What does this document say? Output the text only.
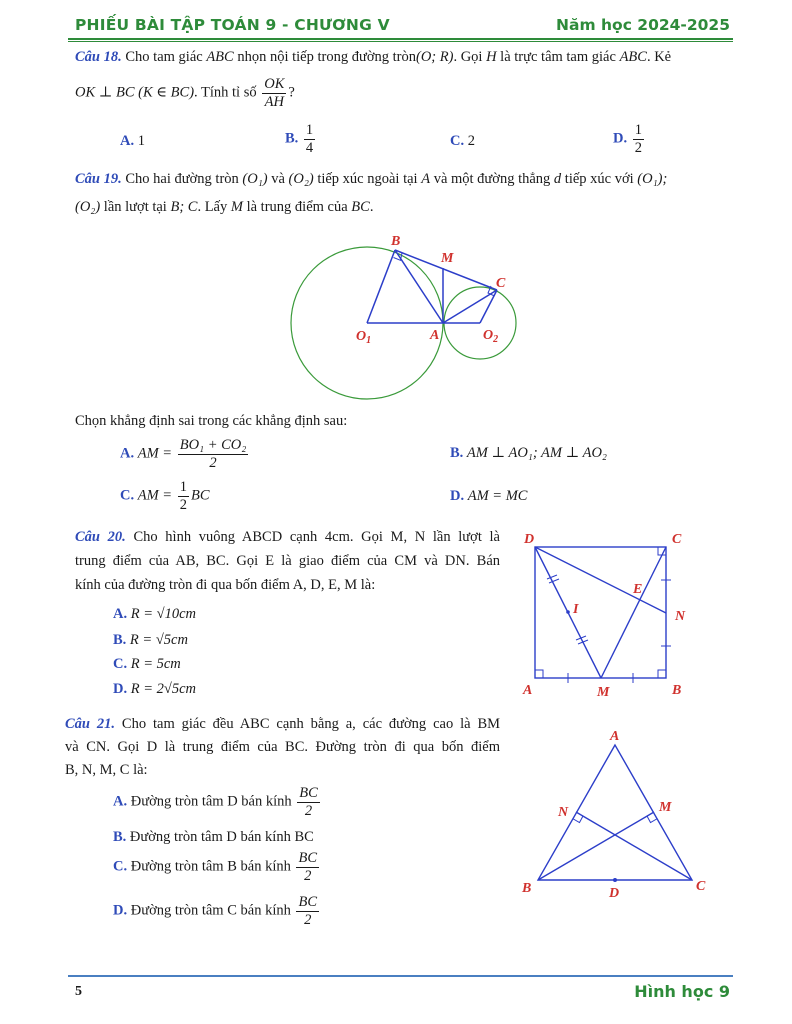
PHIẾU BÀI TẬP TOÁN 9 - CHƯƠNG V	Năm học 2024-2025
Câu 18. Cho tam giác ABC nhọn nội tiếp trong đường tròn(O; R). Gọi H là trực tâm tam giác ABC. Kẻ
OK ⊥ BC (K ∈ BC). Tính tỉ số $\frac{OK}{AH}$ ?
A. 1	B. $\frac{1}{4}$	C. 2	D. $\frac{1}{2}$
Câu 19. Cho hai đường tròn (O₁) và (O₂) tiếp xúc ngoài tại A và một đường thẳng d tiếp xúc với (O₁);
(O₂) lần lượt tại B; C. Lấy M là trung điểm của BC.
B
M
C
$O_1$	A	$O_2$
Chọn khẳng định sai trong các khẳng định sau:
A. AM = $\frac{\text{BO₁ + CO₂}}{2}$	B. AM ⊥ AO₁; AM ⊥ AO₂
C. AM = $\frac{1}{2}$ BC	D. AM = MC
Câu 20. Cho hình vuông ABCD cạnh 4cm. Gọi M, N lần lượt là
trung điểm của AB, BC. Gọi E là giao điểm của CM và DN. Bán
kính của đường tròn đi qua bốn điểm A, D, E, M là:
A. R = √10cm
B. R = √5cm
C. R = 5cm
D. R = 2√5cm
D	C
E
I	N
A	M	B
Câu 21. Cho tam giác đều ABC cạnh bằng a, các đường cao là BM
và CN. Gọi D là trung điểm của BC. Đường tròn đi qua bốn điểm
B, N, M, C là:
A. Đường tròn tâm D bán kính $\frac{BC}{2}$
B. Đường tròn tâm D bán kính BC
C. Đường tròn tâm B bán kính $\frac{BC}{2}$
D. Đường tròn tâm C bán kính $\frac{BC}{2}$
A
N	M
B	D	C
5	Hình học 9
